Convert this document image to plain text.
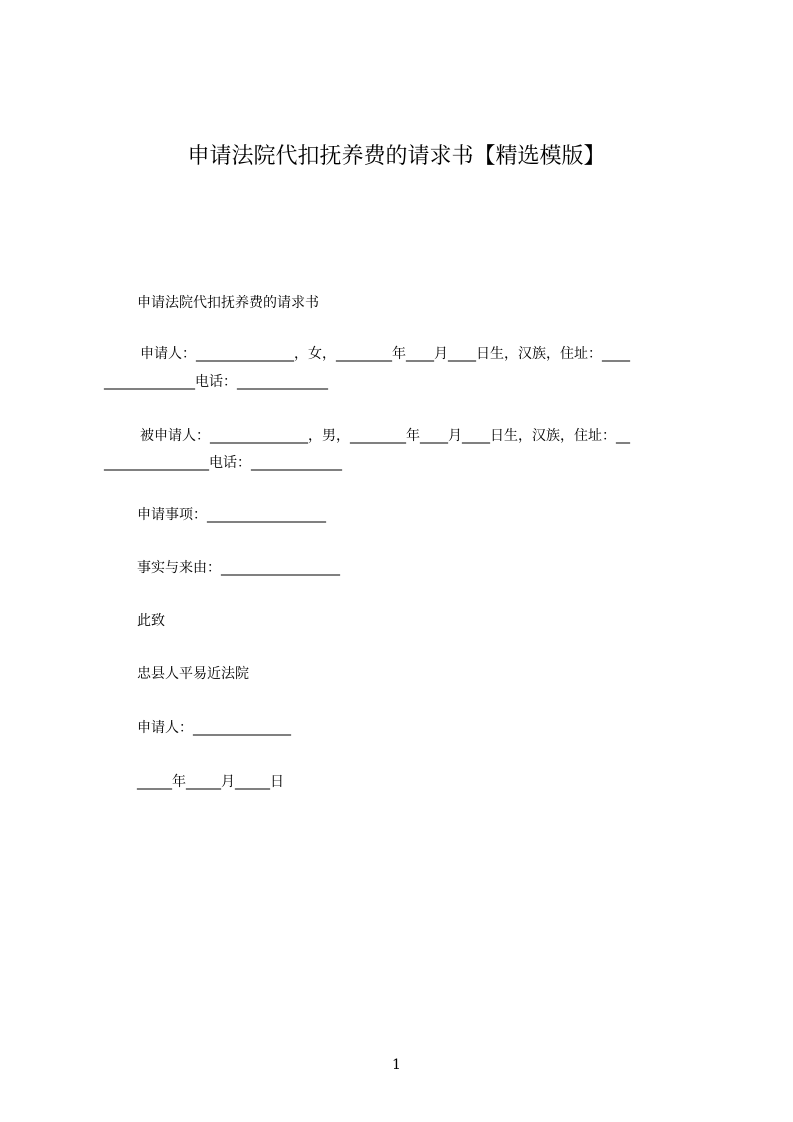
申请法院代扣抚养费的请求书【精选模版】
申请法院代扣抚养费的请求书
申请人：______________，女，________年____月____日生，汉族，住址：____
_____________电话：_____________
被申请人：______________，男，________年____月____日生，汉族，住址：__
_______________电话：_____________
申请事项：_________________
事实与来由：_________________
此致
忠县人平易近法院
申请人：______________
_____年_____月_____日
1
